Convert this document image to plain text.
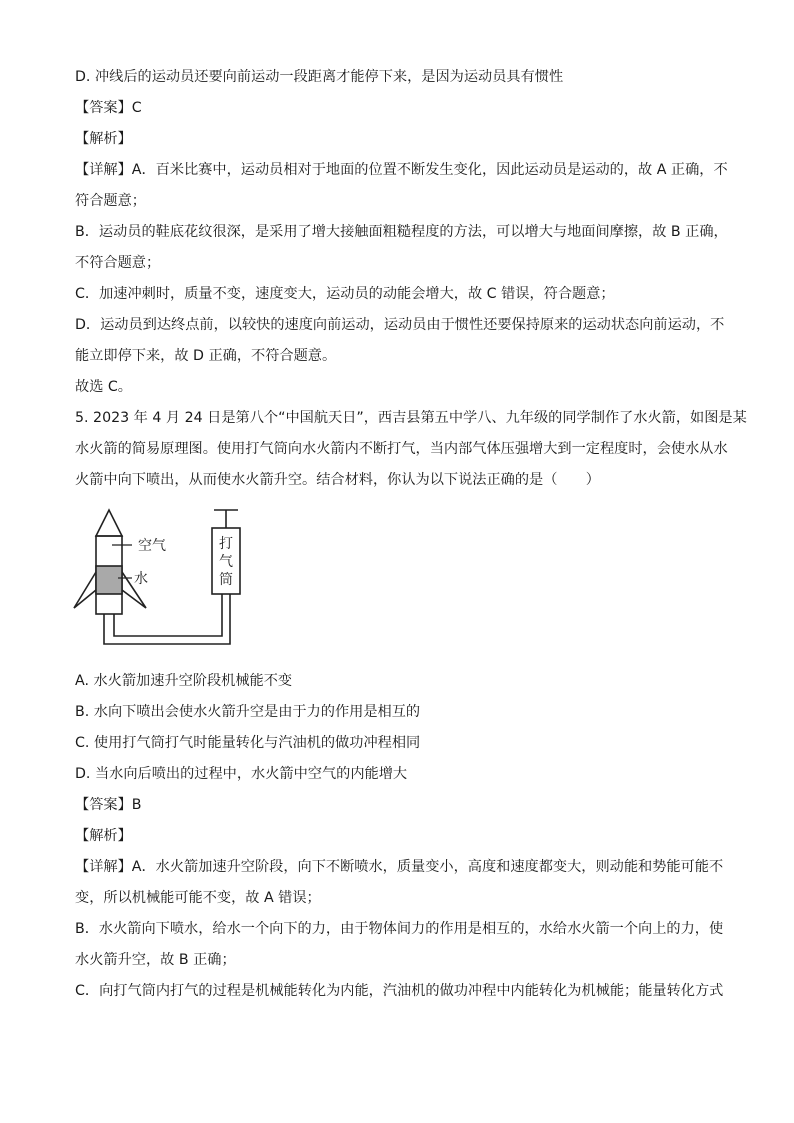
D. 冲线后的运动员还要向前运动一段距离才能停下来，是因为运动员具有惯性
【答案】C
【解析】
【详解】A．百米比赛中，运动员相对于地面的位置不断发生变化，因此运动员是运动的，故 A 正确，不
符合题意；
B．运动员的鞋底花纹很深，是采用了增大接触面粗糙程度的方法，可以增大与地面间摩擦，故 B 正确，
不符合题意；
C．加速冲刺时，质量不变，速度变大，运动员的动能会增大，故 C 错误，符合题意；
D．运动员到达终点前，以较快的速度向前运动，运动员由于惯性还要保持原来的运动状态向前运动，不
能立即停下来，故 D 正确，不符合题意。
故选 C。
5. 2023 年 4 月 24 日是第八个“中国航天日”，西吉县第五中学八、九年级的同学制作了水火箭，如图是某
水火箭的简易原理图。使用打气筒向水火箭内不断打气，当内部气体压强增大到一定程度时，会使水从水
火箭中向下喷出，从而使水火箭升空。结合材料，你认为以下说法正确的是（　　）
空气
水
打
气
筒
A. 水火箭加速升空阶段机械能不变
B. 水向下喷出会使水火箭升空是由于力的作用是相互的
C. 使用打气筒打气时能量转化与汽油机的做功冲程相同
D. 当水向后喷出的过程中，水火箭中空气的内能增大
【答案】B
【解析】
【详解】A．水火箭加速升空阶段，向下不断喷水，质量变小，高度和速度都变大，则动能和势能可能不
变，所以机械能可能不变，故 A 错误；
B．水火箭向下喷水，给水一个向下的力，由于物体间力的作用是相互的，水给水火箭一个向上的力，使
水火箭升空，故 B 正确；
C．向打气筒内打气的过程是机械能转化为内能，汽油机的做功冲程中内能转化为机械能；能量转化方式
